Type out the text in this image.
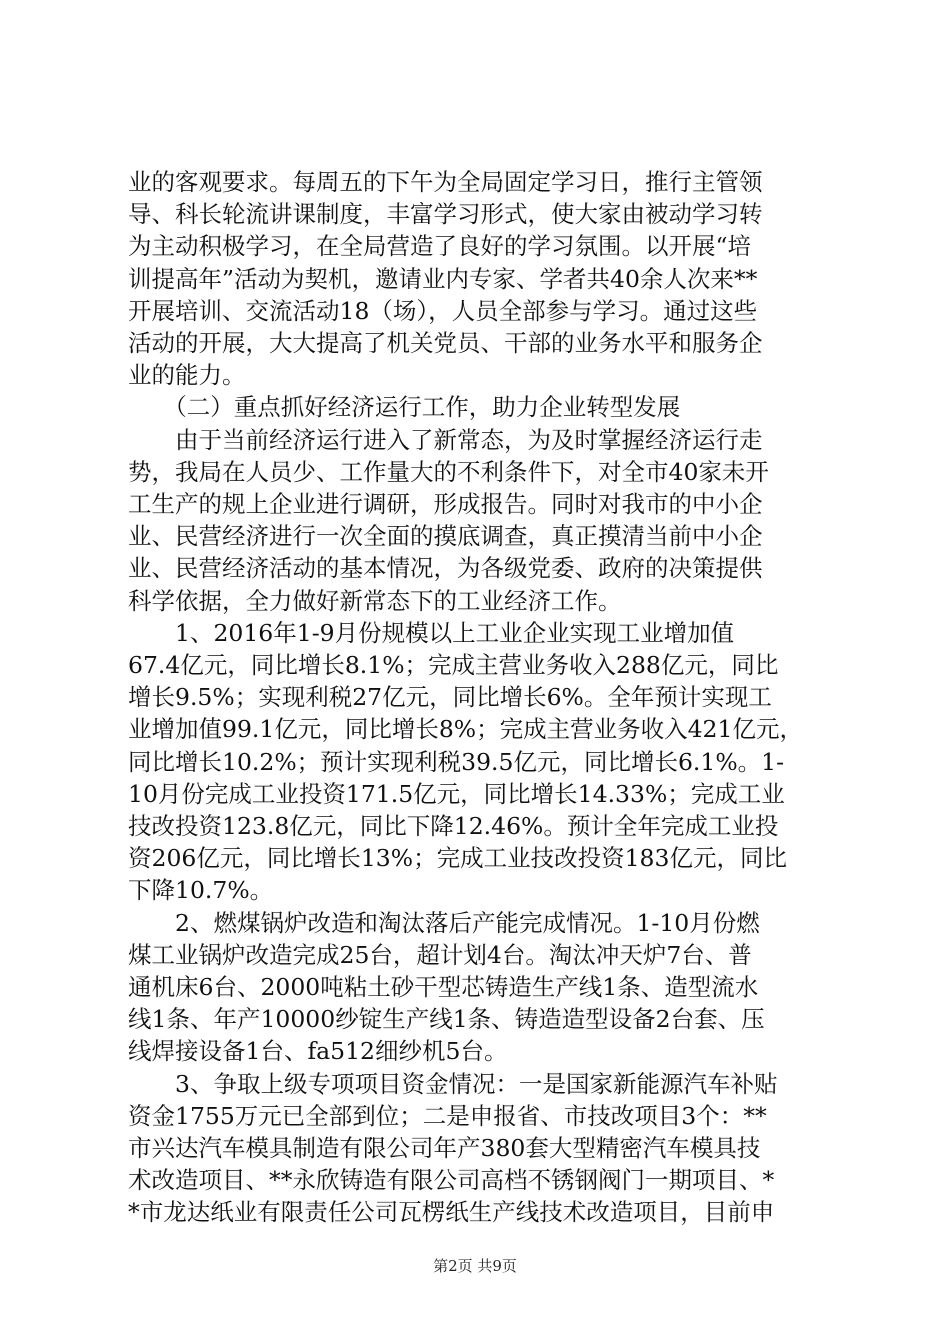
业的客观要求。每周五的下午为全局固定学习日，推行主管领
导、科长轮流讲课制度，丰富学习形式，使大家由被动学习转
为主动积极学习，在全局营造了良好的学习氛围。以开展“培
训提高年”活动为契机，邀请业内专家、学者共40余人次来**
开展培训、交流活动18（场），人员全部参与学习。通过这些
活动的开展，大大提高了机关党员、干部的业务水平和服务企
业的能力。
　　（二）重点抓好经济运行工作，助力企业转型发展
　　由于当前经济运行进入了新常态，为及时掌握经济运行走
势，我局在人员少、工作量大的不利条件下，对全市40家未开
工生产的规上企业进行调研，形成报告。同时对我市的中小企
业、民营经济进行一次全面的摸底调查，真正摸清当前中小企
业、民营经济活动的基本情况，为各级党委、政府的决策提供
科学依据，全力做好新常态下的工业经济工作。
　　1、2016年1-9月份规模以上工业企业实现工业增加值
67.4亿元，同比增长8.1%；完成主营业务收入288亿元，同比
增长9.5%；实现利税27亿元，同比增长6%。全年预计实现工
业增加值99.1亿元，同比增长8%；完成主营业务收入421亿元，
同比增长10.2%；预计实现利税39.5亿元，同比增长6.1%。1-
10月份完成工业投资171.5亿元，同比增长14.33%；完成工业
技改投资123.8亿元，同比下降12.46%。预计全年完成工业投
资206亿元，同比增长13%；完成工业技改投资183亿元，同比
下降10.7%。
　　2、燃煤锅炉改造和淘汰落后产能完成情况。1-10月份燃
煤工业锅炉改造完成25台，超计划4台。淘汰冲天炉7台、普
通机床6台、2000吨粘土砂干型芯铸造生产线1条、造型流水
线1条、年产10000纱锭生产线1条、铸造造型设备2台套、压
线焊接设备1台、fa512细纱机5台。
　　3、争取上级专项项目资金情况：一是国家新能源汽车补贴
资金1755万元已全部到位；二是申报省、市技改项目3个：**
市兴达汽车模具制造有限公司年产380套大型精密汽车模具技
术改造项目、**永欣铸造有限公司高档不锈钢阀门一期项目、*
*市龙达纸业有限责任公司瓦楞纸生产线技术改造项目，目前申
第2页 共9页
